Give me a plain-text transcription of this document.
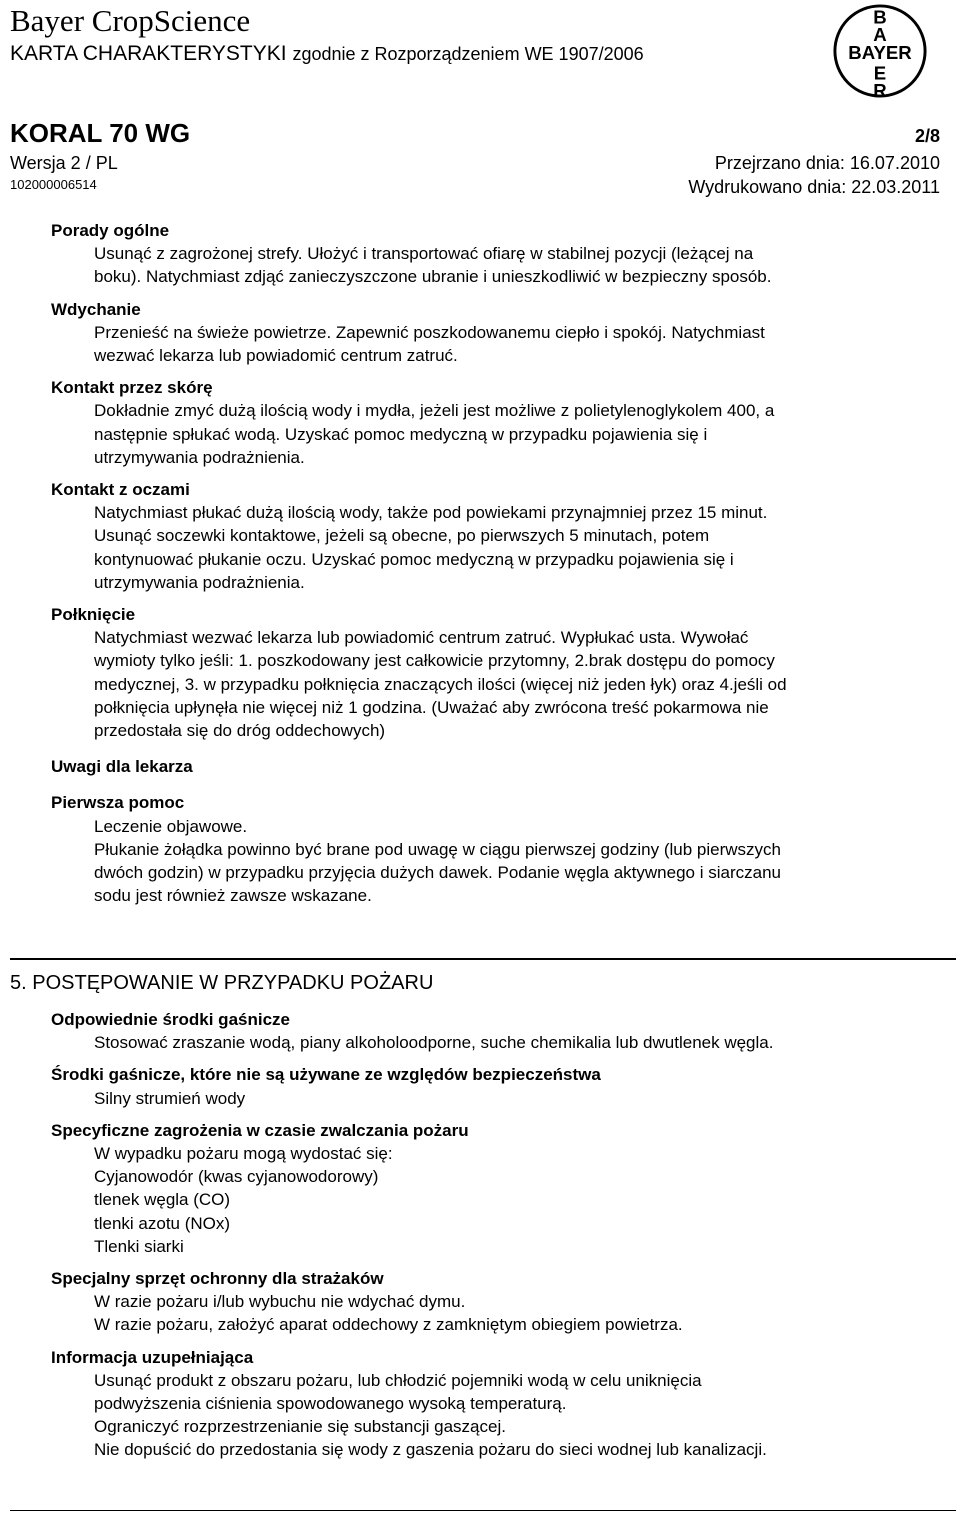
Bayer CropScience
KARTA CHARAKTERYSTYKI zgodnie z Rozporządzeniem WE 1907/2006
B
A
E
R
BAYER
KORAL 70 WG	2/8
Wersja 2 / PL	Przejrzano dnia: 16.07.2010
102000006514	Wydrukowano dnia: 22.03.2011
Porady ogólne
Usunąć z zagrożonej strefy. Ułożyć i transportować ofiarę w stabilnej pozycji (leżącej na
boku). Natychmiast zdjąć zanieczyszczone ubranie i unieszkodliwić w bezpieczny sposób.
Wdychanie
Przenieść na świeże powietrze. Zapewnić poszkodowanemu ciepło i spokój. Natychmiast
wezwać lekarza lub powiadomić centrum zatruć.
Kontakt przez skórę
Dokładnie zmyć dużą ilością wody i mydła, jeżeli jest możliwe z polietylenoglykolem 400, a
następnie spłukać wodą. Uzyskać pomoc medyczną w przypadku pojawienia się i
utrzymywania podrażnienia.
Kontakt z oczami
Natychmiast płukać dużą ilością wody, także pod powiekami przynajmniej przez 15 minut.
Usunąć soczewki kontaktowe, jeżeli są obecne, po pierwszych 5 minutach, potem
kontynuować płukanie oczu. Uzyskać pomoc medyczną w przypadku pojawienia się i
utrzymywania podrażnienia.
Połknięcie
Natychmiast wezwać lekarza lub powiadomić centrum zatruć. Wypłukać usta. Wywołać
wymioty tylko jeśli: 1. poszkodowany jest całkowicie przytomny, 2.brak dostępu do pomocy
medycznej, 3. w przypadku połknięcia znaczących ilości (więcej niż jeden łyk) oraz 4.jeśli od
połknięcia upłynęła nie więcej niż 1 godzina. (Uważać aby zwrócona treść pokarmowa nie
przedostała się do dróg oddechowych)
Uwagi dla lekarza
Pierwsza pomoc
Leczenie objawowe.
Płukanie żołądka powinno być brane pod uwagę w ciągu pierwszej godziny (lub pierwszych
dwóch godzin) w przypadku przyjęcia dużych dawek. Podanie węgla aktywnego i siarczanu
sodu jest również zawsze wskazane.
5. POSTĘPOWANIE W PRZYPADKU POŻARU
Odpowiednie środki gaśnicze
Stosować zraszanie wodą, piany alkoholoodporne, suche chemikalia lub dwutlenek węgla.
Środki gaśnicze, które nie są używane ze względów bezpieczeństwa
Silny strumień wody
Specyficzne zagrożenia w czasie zwalczania pożaru
W wypadku pożaru mogą wydostać się:
Cyjanowodór (kwas cyjanowodorowy)
tlenek węgla (CO)
tlenki azotu (NOx)
Tlenki siarki
Specjalny sprzęt ochronny dla strażaków
W razie pożaru i/lub wybuchu nie wdychać dymu.
W razie pożaru, założyć aparat oddechowy z zamkniętym obiegiem powietrza.
Informacja uzupełniająca
Usunąć produkt z obszaru pożaru, lub chłodzić pojemniki wodą w celu uniknięcia
podwyższenia ciśnienia spowodowanego wysoką temperaturą.
Ograniczyć rozprzestrzenianie się substancji gaszącej.
Nie dopuścić do przedostania się wody z gaszenia pożaru do sieci wodnej lub kanalizacji.
